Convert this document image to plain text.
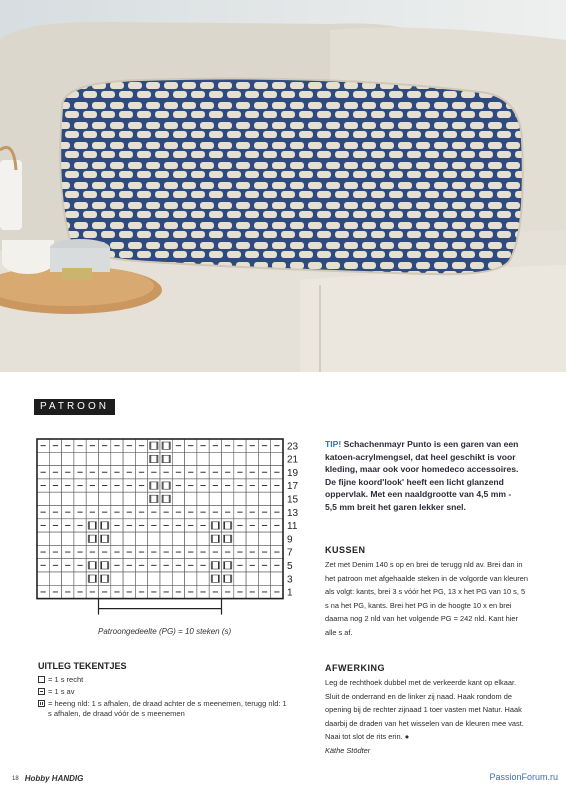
PATROON
23
21
19
17
15
13
11
9
7
5
3
1
Patroongedeelte (PG) = 10 steken (s)
UITLEG TEKENTJES
= 1 s recht
= 1 s av
= heeng nld: 1 s afhalen, de draad achter de s meenemen, terugg nld: 1 s afhalen, de draad vóór de s meenemen
TIP! Schachenmayr Punto is een garen van een katoen-acrylmengsel, dat heel geschikt is voor kleding, maar ook voor homedeco accessoires. De fijne koord'look' heeft een licht glanzend oppervlak. Met een naaldgrootte van 4,5 mm - 5,5 mm breit het garen lekker snel.
KUSSEN
Zet met Denim 140 s op en brei de terugg nld av. Brei dan in het patroon met afgehaalde steken in de volgorde van kleuren als volgt: kants, brei 3 s vóór het PG, 13 x het PG van 10 s, 5 s na het PG, kants. Brei het PG in de hoogte 10 x en brei daarna nog 2 nld van het volgende PG = 242 nld. Kant hier alle s af.
AFWERKING
Leg de rechthoek dubbel met de verkeerde kant op elkaar. Sluit de onderrand en de linker zij naad. Haak rondom de opening bij de rechter zijnaad 1 toer vasten met Natur. Haak daarbij de draden van het wisselen van de kleuren mee vast. Naai tot slot de rits erin. ●
Käthe Stödter
18 Hobby HANDIG	PassionForum.ru
